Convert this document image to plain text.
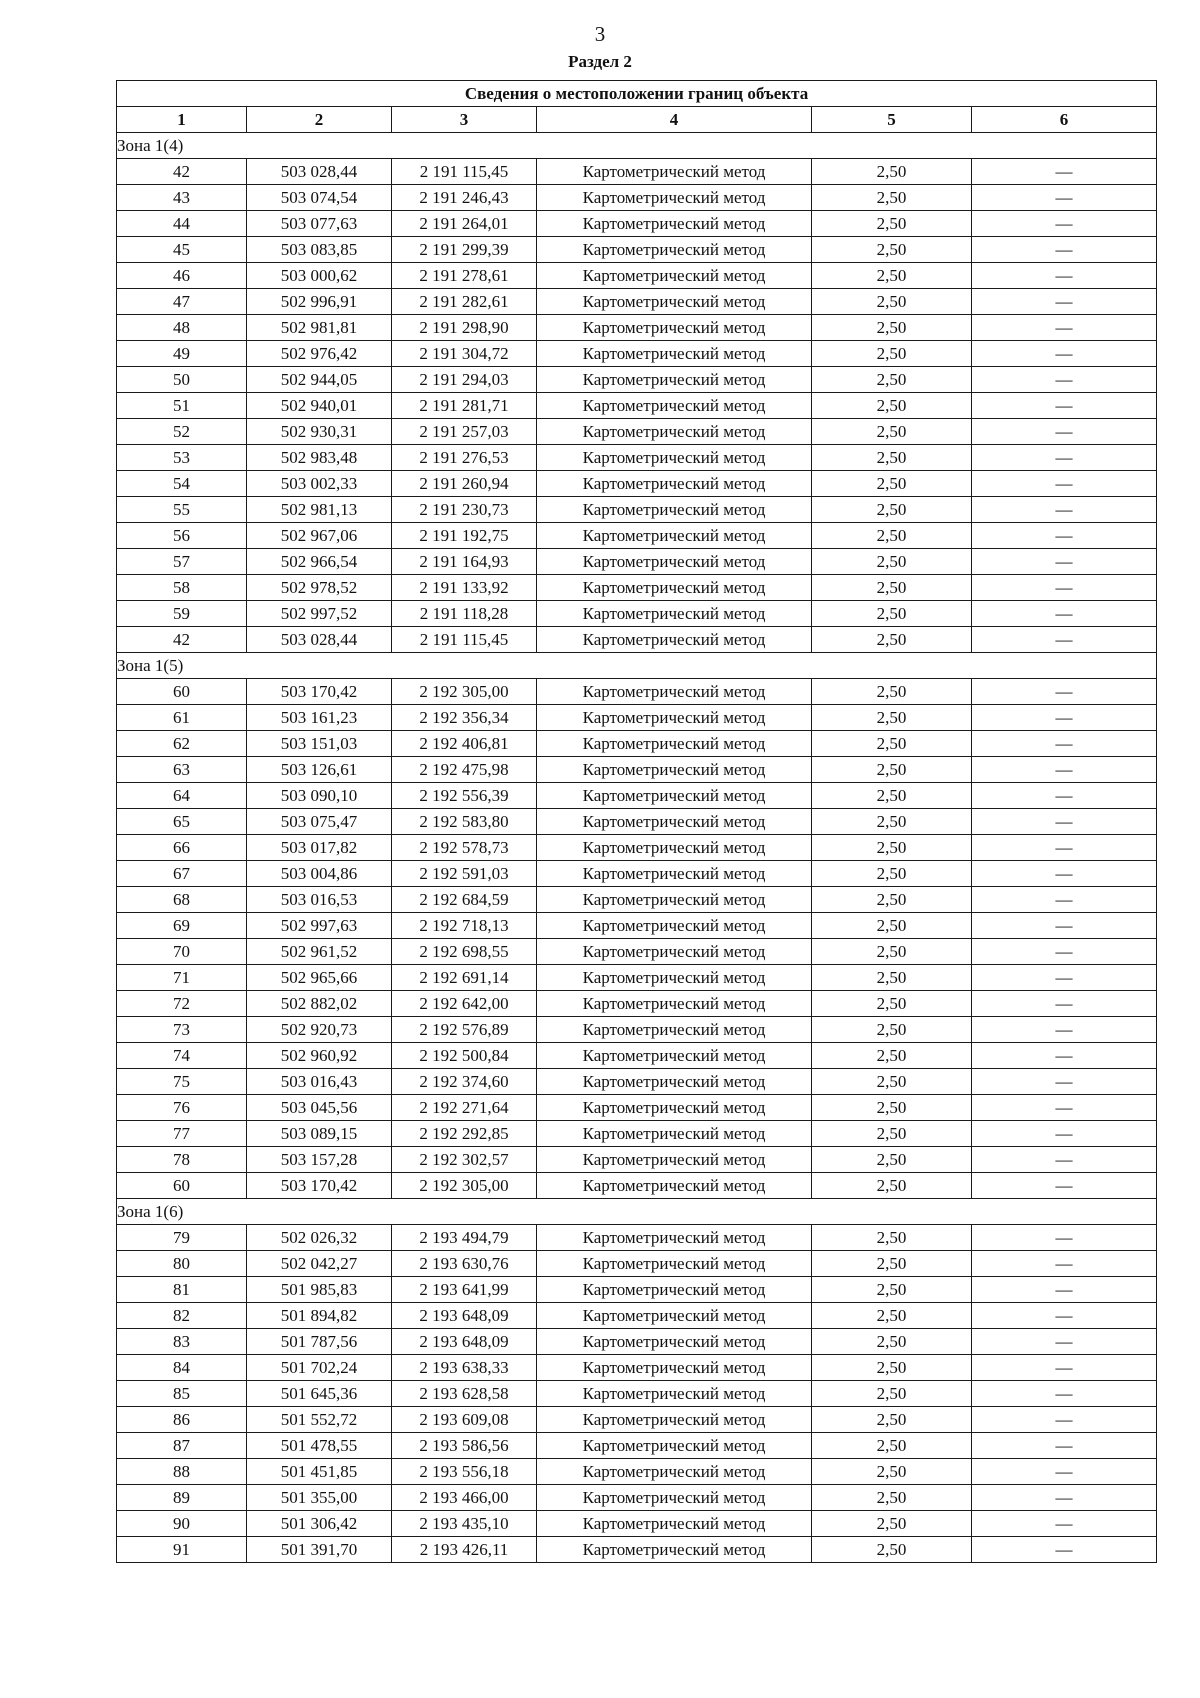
3
Раздел 2
Сведения о местоположении границ объекта					
1	2	3	4	5	6
Зона 1(4)					
42	503 028,44	2 191 115,45	Картометрический метод	2,50	—
43	503 074,54	2 191 246,43	Картометрический метод	2,50	—
44	503 077,63	2 191 264,01	Картометрический метод	2,50	—
45	503 083,85	2 191 299,39	Картометрический метод	2,50	—
46	503 000,62	2 191 278,61	Картометрический метод	2,50	—
47	502 996,91	2 191 282,61	Картометрический метод	2,50	—
48	502 981,81	2 191 298,90	Картометрический метод	2,50	—
49	502 976,42	2 191 304,72	Картометрический метод	2,50	—
50	502 944,05	2 191 294,03	Картометрический метод	2,50	—
51	502 940,01	2 191 281,71	Картометрический метод	2,50	—
52	502 930,31	2 191 257,03	Картометрический метод	2,50	—
53	502 983,48	2 191 276,53	Картометрический метод	2,50	—
54	503 002,33	2 191 260,94	Картометрический метод	2,50	—
55	502 981,13	2 191 230,73	Картометрический метод	2,50	—
56	502 967,06	2 191 192,75	Картометрический метод	2,50	—
57	502 966,54	2 191 164,93	Картометрический метод	2,50	—
58	502 978,52	2 191 133,92	Картометрический метод	2,50	—
59	502 997,52	2 191 118,28	Картометрический метод	2,50	—
42	503 028,44	2 191 115,45	Картометрический метод	2,50	—
Зона 1(5)					
60	503 170,42	2 192 305,00	Картометрический метод	2,50	—
61	503 161,23	2 192 356,34	Картометрический метод	2,50	—
62	503 151,03	2 192 406,81	Картометрический метод	2,50	—
63	503 126,61	2 192 475,98	Картометрический метод	2,50	—
64	503 090,10	2 192 556,39	Картометрический метод	2,50	—
65	503 075,47	2 192 583,80	Картометрический метод	2,50	—
66	503 017,82	2 192 578,73	Картометрический метод	2,50	—
67	503 004,86	2 192 591,03	Картометрический метод	2,50	—
68	503 016,53	2 192 684,59	Картометрический метод	2,50	—
69	502 997,63	2 192 718,13	Картометрический метод	2,50	—
70	502 961,52	2 192 698,55	Картометрический метод	2,50	—
71	502 965,66	2 192 691,14	Картометрический метод	2,50	—
72	502 882,02	2 192 642,00	Картометрический метод	2,50	—
73	502 920,73	2 192 576,89	Картометрический метод	2,50	—
74	502 960,92	2 192 500,84	Картометрический метод	2,50	—
75	503 016,43	2 192 374,60	Картометрический метод	2,50	—
76	503 045,56	2 192 271,64	Картометрический метод	2,50	—
77	503 089,15	2 192 292,85	Картометрический метод	2,50	—
78	503 157,28	2 192 302,57	Картометрический метод	2,50	—
60	503 170,42	2 192 305,00	Картометрический метод	2,50	—
Зона 1(6)					
79	502 026,32	2 193 494,79	Картометрический метод	2,50	—
80	502 042,27	2 193 630,76	Картометрический метод	2,50	—
81	501 985,83	2 193 641,99	Картометрический метод	2,50	—
82	501 894,82	2 193 648,09	Картометрический метод	2,50	—
83	501 787,56	2 193 648,09	Картометрический метод	2,50	—
84	501 702,24	2 193 638,33	Картометрический метод	2,50	—
85	501 645,36	2 193 628,58	Картометрический метод	2,50	—
86	501 552,72	2 193 609,08	Картометрический метод	2,50	—
87	501 478,55	2 193 586,56	Картометрический метод	2,50	—
88	501 451,85	2 193 556,18	Картометрический метод	2,50	—
89	501 355,00	2 193 466,00	Картометрический метод	2,50	—
90	501 306,42	2 193 435,10	Картометрический метод	2,50	—
91	501 391,70	2 193 426,11	Картометрический метод	2,50	—
